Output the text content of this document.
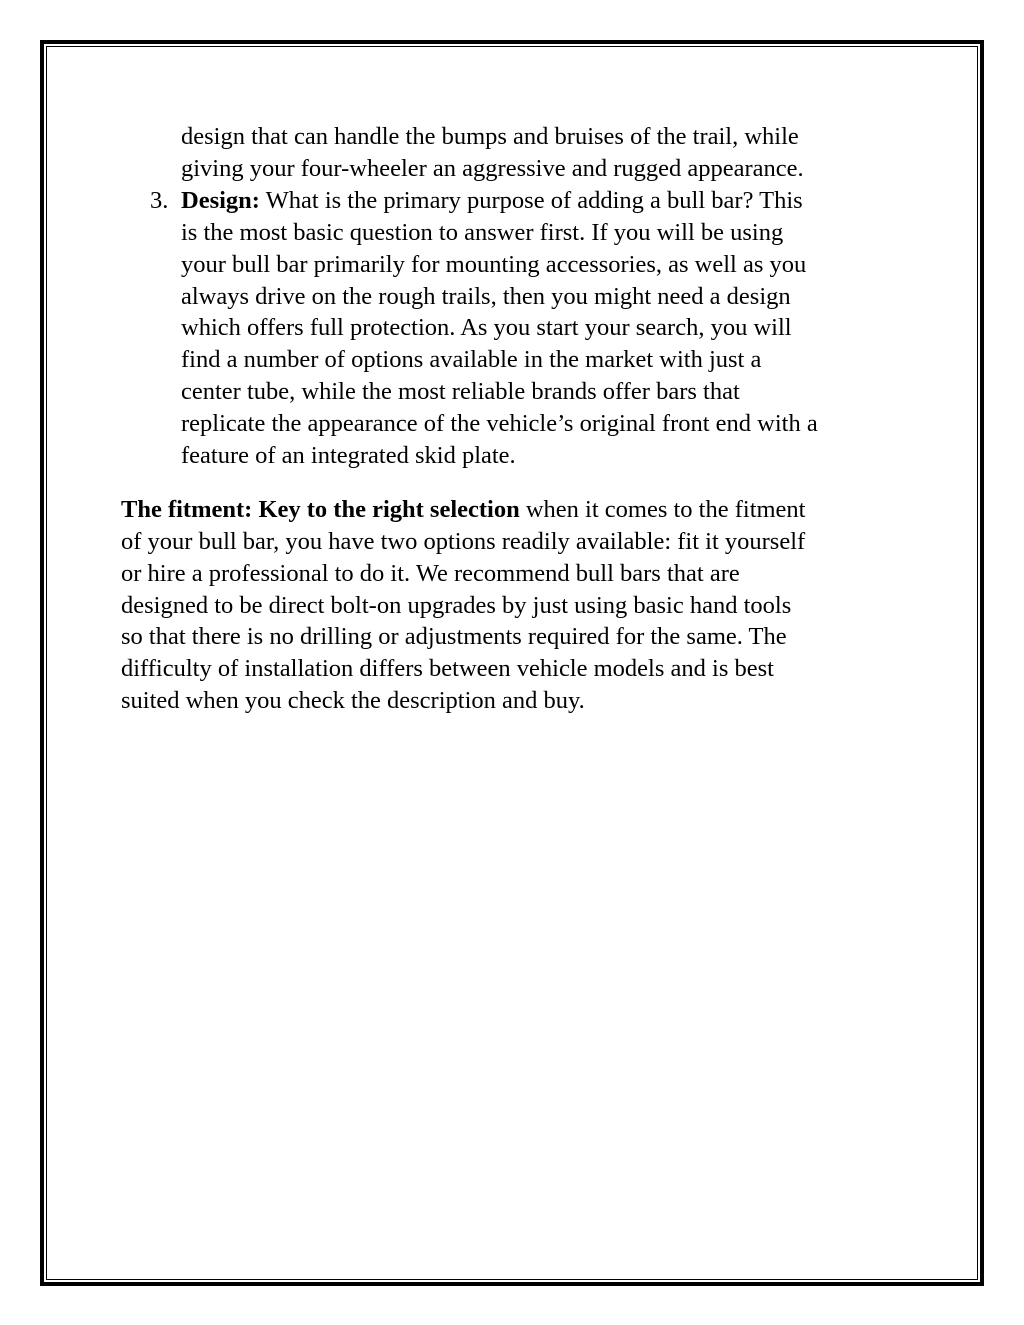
design that can handle the bumps and bruises of the trail, while
giving your four-wheeler an aggressive and rugged appearance.
3. Design: What is the primary purpose of adding a bull bar? This
is the most basic question to answer first. If you will be using
your bull bar primarily for mounting accessories, as well as you
always drive on the rough trails, then you might need a design
which offers full protection. As you start your search, you will
find a number of options available in the market with just a
center tube, while the most reliable brands offer bars that
replicate the appearance of the vehicle’s original front end with a
feature of an integrated skid plate.
The fitment: Key to the right selection when it comes to the fitment
of your bull bar, you have two options readily available: fit it yourself
or hire a professional to do it. We recommend bull bars that are
designed to be direct bolt-on upgrades by just using basic hand tools
so that there is no drilling or adjustments required for the same. The
difficulty of installation differs between vehicle models and is best
suited when you check the description and buy.
